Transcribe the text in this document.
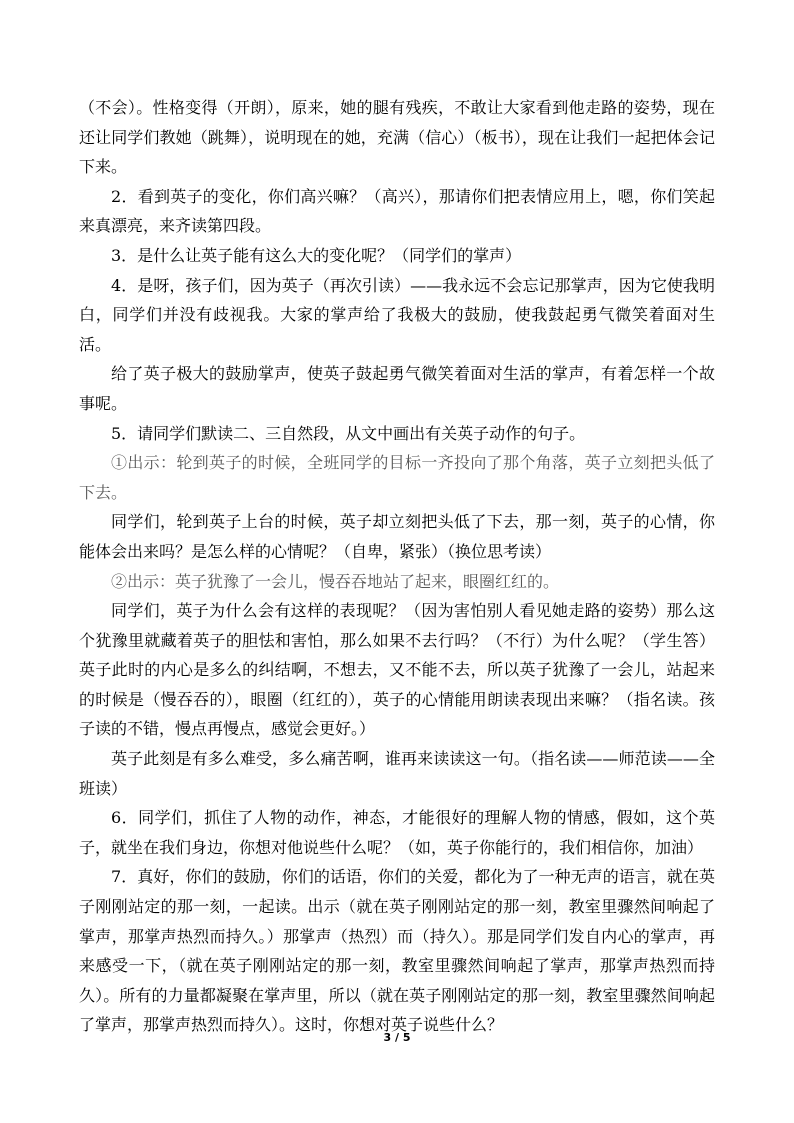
（不会）。性格变得（开朗），原来，她的腿有残疾，不敢让大家看到他走路的姿势，现在还让同学们教她（跳舞），说明现在的她，充满（信心）（板书），现在让我们一起把体会记下来。

2．看到英子的变化，你们高兴嘛？（高兴），那请你们把表情应用上，嗯，你们笑起来真漂亮，来齐读第四段。

3．是什么让英子能有这么大的变化呢？（同学们的掌声）

4．是呀，孩子们，因为英子（再次引读）——我永远不会忘记那掌声，因为它使我明白，同学们并没有歧视我。大家的掌声给了我极大的鼓励，使我鼓起勇气微笑着面对生活。

给了英子极大的鼓励掌声，使英子鼓起勇气微笑着面对生活的掌声，有着怎样一个故事呢。

5．请同学们默读二、三自然段，从文中画出有关英子动作的句子。

①出示：轮到英子的时候，全班同学的目标一齐投向了那个角落，英子立刻把头低了下去。

同学们，轮到英子上台的时候，英子却立刻把头低了下去，那一刻，英子的心情，你能体会出来吗？是怎么样的心情呢？（自卑，紧张）（换位思考读）

②出示：英子犹豫了一会儿，慢吞吞地站了起来，眼圈红红的。

同学们，英子为什么会有这样的表现呢？（因为害怕别人看见她走路的姿势）那么这个犹豫里就藏着英子的胆怯和害怕，那么如果不去行吗？（不行）为什么呢？（学生答）英子此时的内心是多么的纠结啊，不想去，又不能不去，所以英子犹豫了一会儿，站起来的时候是（慢吞吞的），眼圈（红红的），英子的心情能用朗读表现出来嘛？（指名读。孩子读的不错，慢点再慢点，感觉会更好。）

英子此刻是有多么难受，多么痛苦啊，谁再来读读这一句。（指名读——师范读——全班读）

6．同学们，抓住了人物的动作，神态，才能很好的理解人物的情感，假如，这个英子，就坐在我们身边，你想对他说些什么呢？（如，英子你能行的，我们相信你，加油）

7．真好，你们的鼓励，你们的话语，你们的关爱，都化为了一种无声的语言，就在英子刚刚站定的那一刻，一起读。出示（就在英子刚刚站定的那一刻，教室里骤然间响起了掌声，那掌声热烈而持久。）那掌声（热烈）而（持久）。那是同学们发自内心的掌声，再来感受一下，（就在英子刚刚站定的那一刻，教室里骤然间响起了掌声，那掌声热烈而持久）。所有的力量都凝聚在掌声里，所以（就在英子刚刚站定的那一刻，教室里骤然间响起了掌声，那掌声热烈而持久）。这时，你想对英子说些什么？

3 / 5
